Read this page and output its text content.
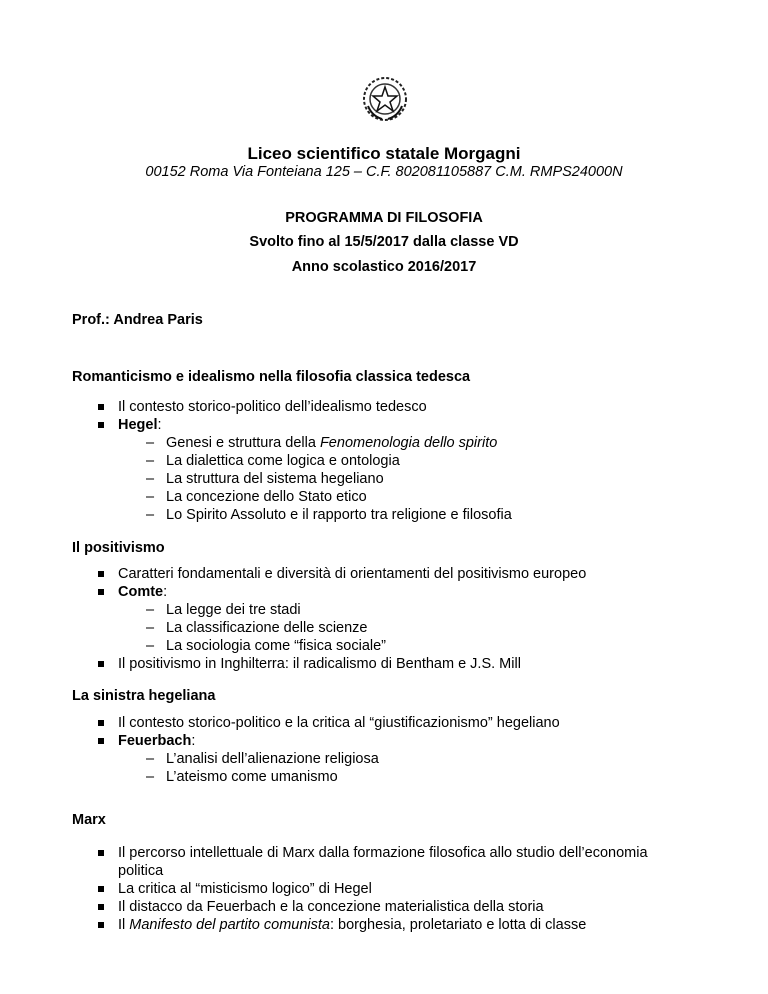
Liceo scientifico statale Morgagni
00152 Roma Via Fonteiana 125 – C.F. 802081105887 C.M. RMPS24000N
PROGRAMMA DI FILOSOFIA
Svolto fino al 15/5/2017 dalla classe VD
Anno scolastico 2016/2017
Prof.: Andrea Paris
Romanticismo e idealismo nella filosofia classica tedesca
Il contesto storico-politico dell’idealismo tedesco
Hegel:
– Genesi e struttura della Fenomenologia dello spirito
– La dialettica come logica e ontologia
– La struttura del sistema hegeliano
– La concezione dello Stato etico
– Lo Spirito Assoluto e il rapporto tra religione e filosofia
Il positivismo
Caratteri fondamentali e diversità di orientamenti del positivismo europeo
Comte:
– La legge dei tre stadi
– La classificazione delle scienze
– La sociologia come “fisica sociale”
Il positivismo in Inghilterra: il radicalismo di Bentham e J.S. Mill
La sinistra hegeliana
Il contesto storico-politico e la critica al “giustificazionismo” hegeliano
Feuerbach:
– L’analisi dell’alienazione religiosa
– L’ateismo come umanismo
Marx
Il percorso intellettuale di Marx dalla formazione filosofica allo studio dell’economia
politica
La critica al “misticismo logico” di Hegel
Il distacco da Feuerbach e la concezione materialistica della storia
Il Manifesto del partito comunista: borghesia, proletariato e lotta di classe
